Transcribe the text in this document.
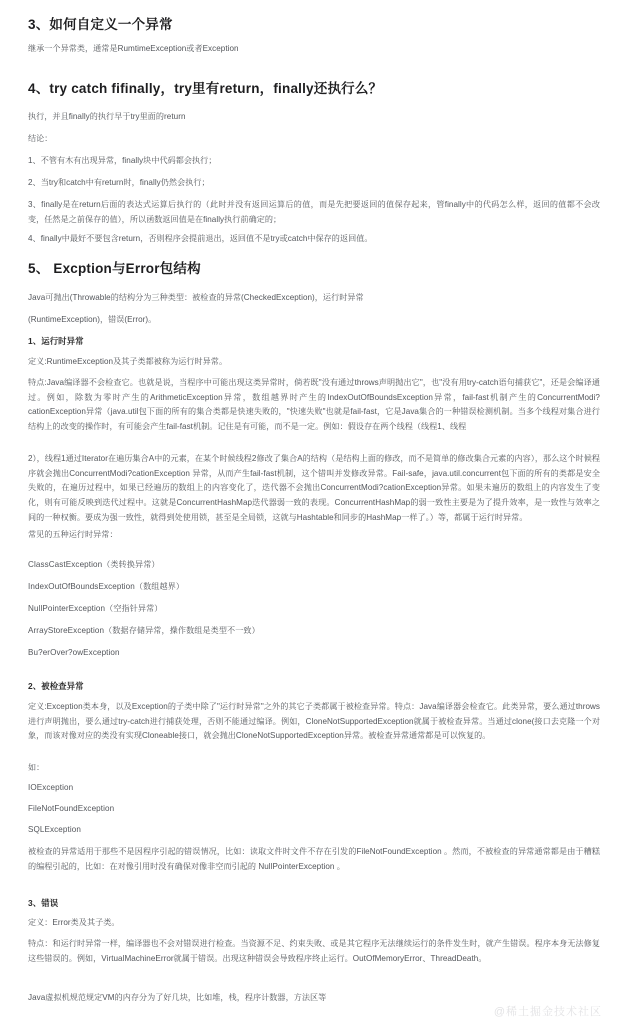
3、如何自定义一个异常

继承一个异常类，通常是RumtimeException或者Exception

4、try catch fifinally，try里有return，finally还执行么？

执行，并且finally的执行早于try里面的return

结论：

1、不管有木有出现异常，finally块中代码都会执行；

2、当try和catch中有return时，finally仍然会执行；

3、finally是在return后面的表达式运算后执行的（此时并没有返回运算后的值，而是先把要返回的值保存起来，管finally中的代码怎么样，返回的值都不会改变，任然是之前保存的值），所以函数返回值是在finally执行前确定的；

4、finally中最好不要包含return，否则程序会提前退出，返回值不是try或catch中保存的返回值。

5、 Excption与Error包结构

Java可抛出(Throwable的结构分为三种类型：被检查的异常(CheckedException)，运行时异常

(RuntimeException)，错误(Error)。

1、运行时异常

定义:RuntimeException及其子类都被称为运行时异常。

特点:Java编译器不会检查它。也就是说，当程序中可能出现这类异常时，倘若既"没有通过throws声明抛出它"，也"没有用try-catch语句捕获它"，还是会编译通过。例如，除数为零时产生的ArithmeticException异常，数组越界时产生的IndexOutOfBoundsException异常，fail-fast机制产生的ConcurrentModi?cationException异常（java.util包下面的所有的集合类都是快速失败的，"快速失败"也就是fail-fast，它是Java集合的一种错误检测机制。当多个线程对集合进行结构上的改变的操作时，有可能会产生fail-fast机制。记住是有可能，而不是一定。例如：假设存在两个线程（线程1、线程

2），线程1通过Iterator在遍历集合A中的元素，在某个时候线程2修改了集合A的结构（是结构上面的修改，而不是简单的修改集合元素的内容），那么这个时候程序就会抛出ConcurrentModi?cationException 异常，从而产生fail-fast机制，这个错叫并发修改异常。Fail-safe，java.util.concurrent包下面的所有的类都是安全失败的，在遍历过程中，如果已经遍历的数组上的内容变化了，迭代器不会抛出ConcurrentModi?cationException异常。如果未遍历的数组上的内容发生了变化，则有可能反映到迭代过程中。这就是ConcurrentHashMap迭代器弱一致的表现。ConcurrentHashMap的弱一致性主要是为了提升效率，是一致性与效率之间的一种权衡。要成为强一致性，就得到处使用锁，甚至是全局锁，这就与Hashtable和同步的HashMap一样了。）等，都属于运行时异常。

常见的五种运行时异常：

ClassCastException（类转换异常）

IndexOutOfBoundsException（数组越界）

NullPointerException（空指针异常）

ArrayStoreException（数据存储异常，操作数组是类型不一致）

Bu?erOver?owException

2、被检查异常

定义:Exception类本身，以及Exception的子类中除了"运行时异常"之外的其它子类都属于被检查异常。特点：Java编译器会检查它。此类异常，要么通过throws进行声明抛出，要么通过try-catch进行捕获处理，否则不能通过编译。例如，CloneNotSupportedException就属于被检查异常。当通过clone(接口去克隆一个对象，而该对像对应的类没有实现Cloneable接口，就会抛出CloneNotSupportedException异常。被检查异常通常都是可以恢复的。

如：

IOException

FileNotFoundException

SQLException

被检查的异常适用于那些不是因程序引起的错误情况，比如：读取文件时文件不存在引发的FileNotFoundException 。然而，不被检查的异常通常都是由于糟糕的编程引起的，比如：在对像引用时没有确保对像非空而引起的 NullPointerException 。

3、错误

定义：Error类及其子类。

特点：和运行时异常一样，编译器也不会对错误进行检查。当资源不足、约束失败、或是其它程序无法继续运行的条件发生时，就产生错误。程序本身无法修复这些错误的。例如，VirtualMachineError就属于错误。出现这种错误会导致程序终止运行。OutOfMemoryError、ThreadDeath。

Java虚拟机规范规定VM的内存分为了好几块，比如堆，栈，程序计数器，方法区等

@稀土掘金技术社区
